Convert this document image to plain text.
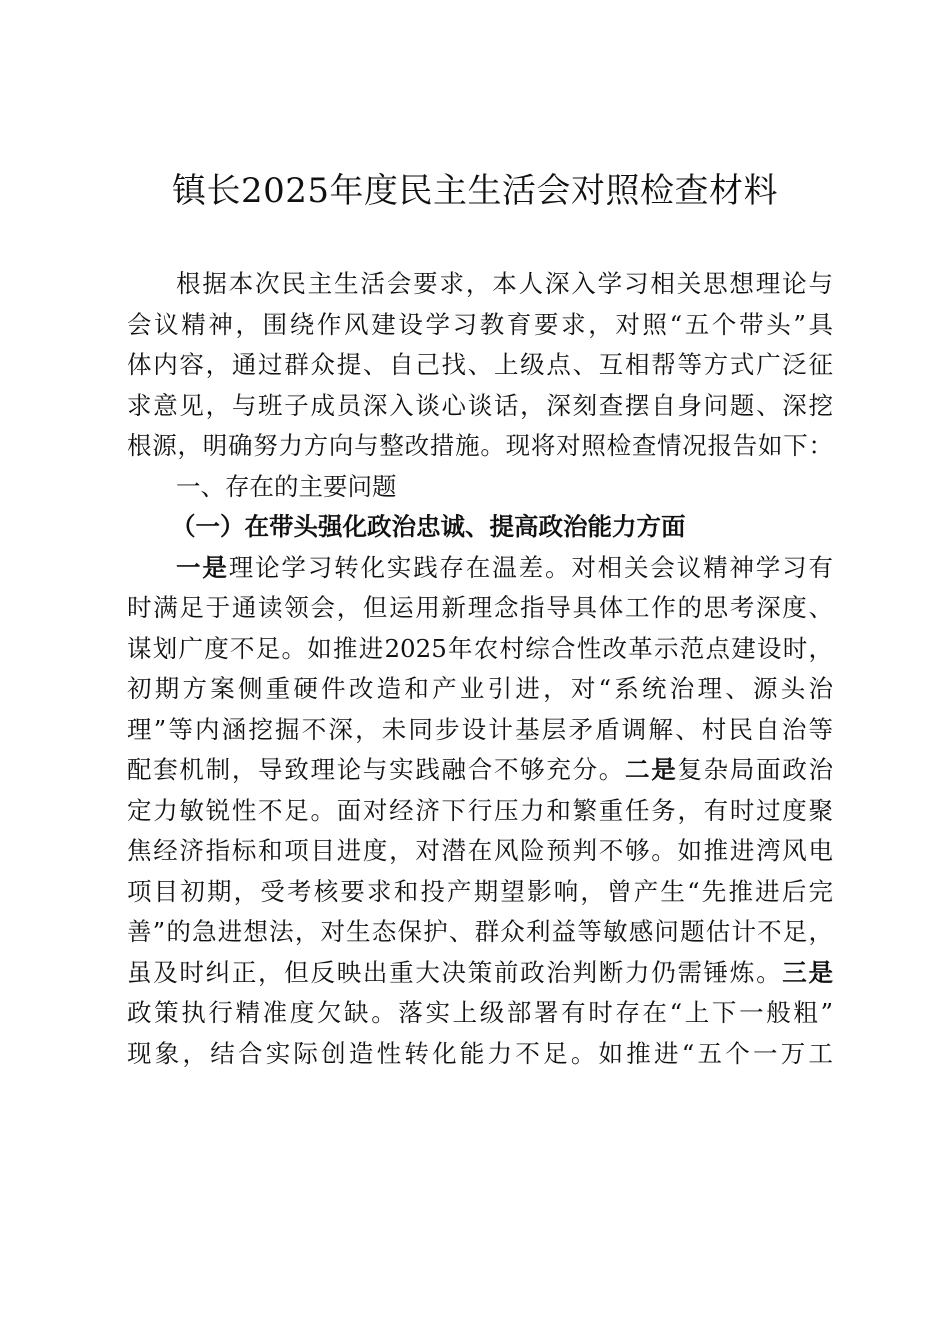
镇长2025年度民主生活会对照检查材料
根据本次民主生活会要求，本人深入学习相关思想理论与
会议精神，围绕作风建设学习教育要求，对照“五个带头”具
体内容，通过群众提、自己找、上级点、互相帮等方式广泛征
求意见，与班子成员深入谈心谈话，深刻查摆自身问题、深挖
根源，明确努力方向与整改措施。现将对照检查情况报告如下：
一、存在的主要问题
（一）在带头强化政治忠诚、提高政治能力方面
一是理论学习转化实践存在温差。对相关会议精神学习有
时满足于通读领会，但运用新理念指导具体工作的思考深度、
谋划广度不足。如推进2025年农村综合性改革示范点建设时，
初期方案侧重硬件改造和产业引进，对“系统治理、源头治
理”等内涵挖掘不深，未同步设计基层矛盾调解、村民自治等
配套机制，导致理论与实践融合不够充分。二是复杂局面政治
定力敏锐性不足。面对经济下行压力和繁重任务，有时过度聚
焦经济指标和项目进度，对潜在风险预判不够。如推进湾风电
项目初期，受考核要求和投产期望影响，曾产生“先推进后完
善”的急进想法，对生态保护、群众利益等敏感问题估计不足，
虽及时纠正，但反映出重大决策前政治判断力仍需锤炼。三是
政策执行精准度欠缺。落实上级部署有时存在“上下一般粗”
现象，结合实际创造性转化能力不足。如推进“五个一万工
